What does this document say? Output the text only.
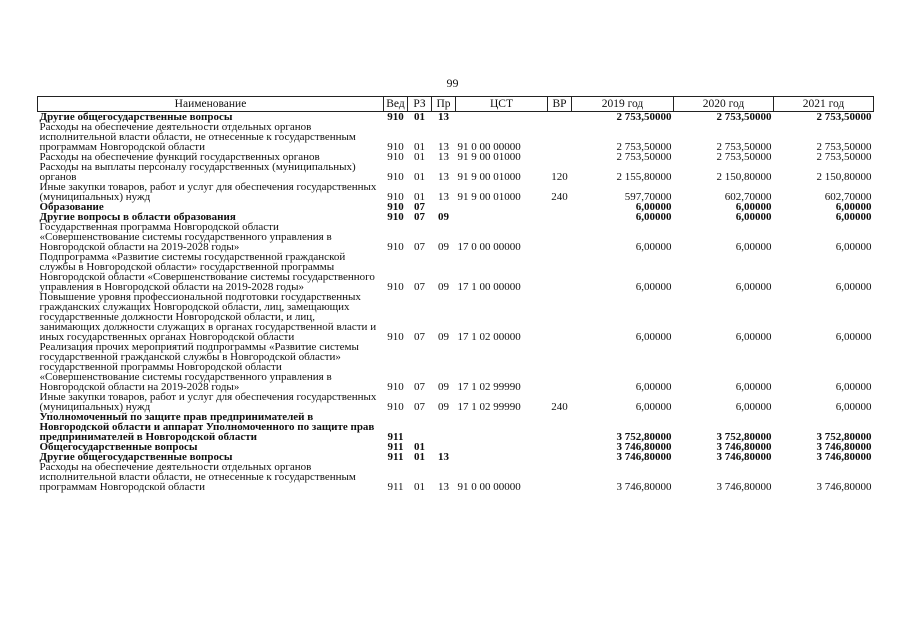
99
Наименование	Вед	РЗ	Пр	ЦСТ	ВР	2019 год	2020 год	2021 год
Другие общегосударственные вопросы	910	01	13			2 753,50000	2 753,50000	2 753,50000
Расходы на обеспечение деятельности отдельных органов исполнительной власти области, не отнесенные к государственным программам Новгородской области	910	01	13	91 0 00 00000		2 753,50000	2 753,50000	2 753,50000
Расходы на обеспечение функций государственных органов	910	01	13	91 9 00 01000		2 753,50000	2 753,50000	2 753,50000
Расходы на выплаты персоналу государственных (муниципальных) органов	910	01	13	91 9 00 01000	120	2 155,80000	2 150,80000	2 150,80000
Иные закупки товаров, работ и услуг для обеспечения государственных (муниципальных) нужд	910	01	13	91 9 00 01000	240	597,70000	602,70000	602,70000
Образование	910	07				6,00000	6,00000	6,00000
Другие вопросы в области образования	910	07	09			6,00000	6,00000	6,00000
Государственная программа Новгородской области «Совершенствование системы государственного управления в Новгородской области на 2019-2028 годы»	910	07	09	17 0 00 00000		6,00000	6,00000	6,00000
Подпрограмма «Развитие системы государственной гражданской службы в Новгородской области» государственной программы Новгородской области «Совершенствование системы государственного управления в Новгородской области на 2019-2028 годы»	910	07	09	17 1 00 00000		6,00000	6,00000	6,00000
Повышение уровня профессиональной подготовки государственных гражданских служащих Новгородской области, лиц, замещающих государственные должности Новгородской области, и лиц, занимающих должности служащих в органах государственной власти и иных государственных органах Новгородской области	910	07	09	17 1 02 00000		6,00000	6,00000	6,00000
Реализация прочих мероприятий подпрограммы «Развитие системы государственной гражданской службы в Новгородской области» государственной программы Новгородской области «Совершенствование системы государственного управления в Новгородской области на 2019-2028 годы»	910	07	09	17 1 02 99990		6,00000	6,00000	6,00000
Иные закупки товаров, работ и услуг для обеспечения государственных (муниципальных) нужд	910	07	09	17 1 02 99990	240	6,00000	6,00000	6,00000
Уполномоченный по защите прав предпринимателей в Новгородской области и аппарат Уполномоченного по защите прав предпринимателей в Новгородской области	911					3 752,80000	3 752,80000	3 752,80000
Общегосударственные вопросы	911	01				3 746,80000	3 746,80000	3 746,80000
Другие общегосударственные вопросы	911	01	13			3 746,80000	3 746,80000	3 746,80000
Расходы на обеспечение деятельности отдельных органов исполнительной власти области, не отнесенные к государственным программам Новгородской области	911	01	13	91 0 00 00000		3 746,80000	3 746,80000	3 746,80000
